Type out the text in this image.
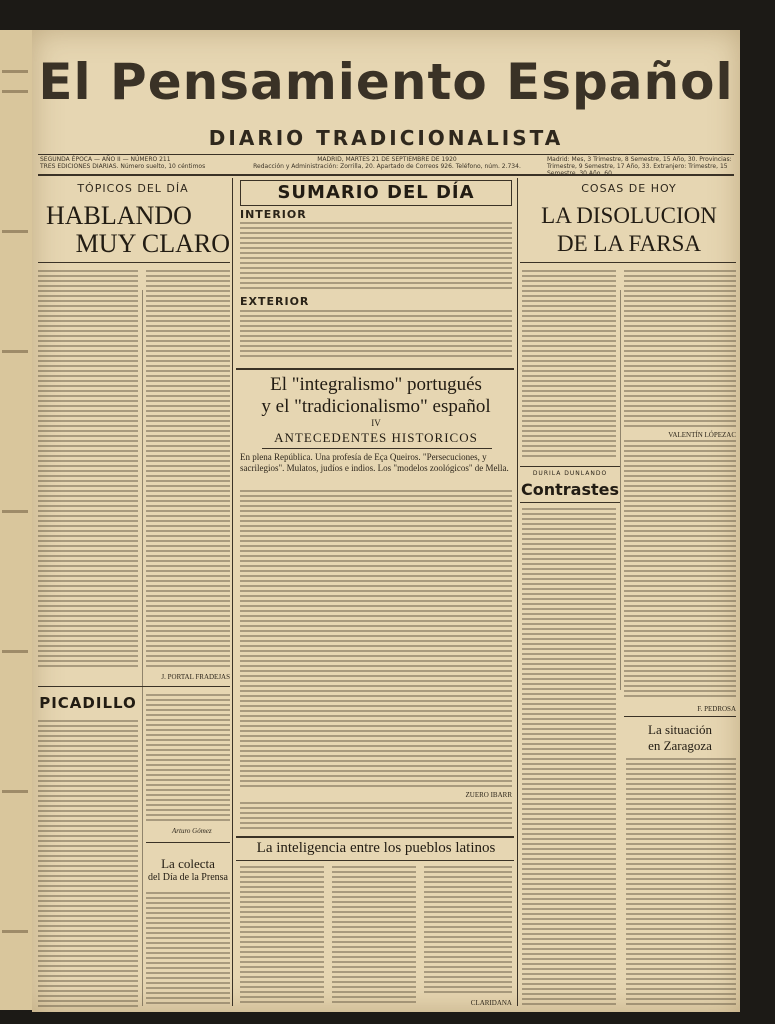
El Pensamiento Español
DIARIO TRADICIONALISTA
SEGUNDA ÉPOCA — AÑO II — NÚMERO 211
TRES EDICIONES DIARIAS. Número suelto, 10 céntimos
MADRID, MARTES 21 DE SEPTIEMBRE DE 1920
Redacción y Administración: Zorrilla, 20. Apartado de Correos 926. Teléfono, núm. 2.734.
Madrid: Mes, 3 Trimestre, 8 Semestre, 15 Año, 30. Provincias: Trimestre, 9 Semestre, 17 Año, 33. Extranjero: Trimestre, 15
TÓPICOS DEL DÍA
HABLANDO
MUY CLARO
J. PORTAL FRADEJAS
PICADILLO
Arturo Gómez
La colecta
del Día de la Prensa
SUMARIO DEL DÍA
INTERIOR
EXTERIOR
El "integralismo" portugués
y el "tradicionalismo" español
IV
ANTECEDENTES HISTORICOS
En plena República. Una profesía de Eça Queiros. "Persecuciones, y sacrilegios". Mulatos, judíos e indios. Los "modelos zoológicos" de Mella.
ZUERO IBARR
La inteligencia entre los pueblos latinos
CLARIDANA
COSAS DE HOY
LA DISOLUCION
DE LA FARSA
VALENTÍN LÓPEZAC
DURILA DUNLANDO
Contrastes
F. PEDROSA
La situación
en Zaragoza
